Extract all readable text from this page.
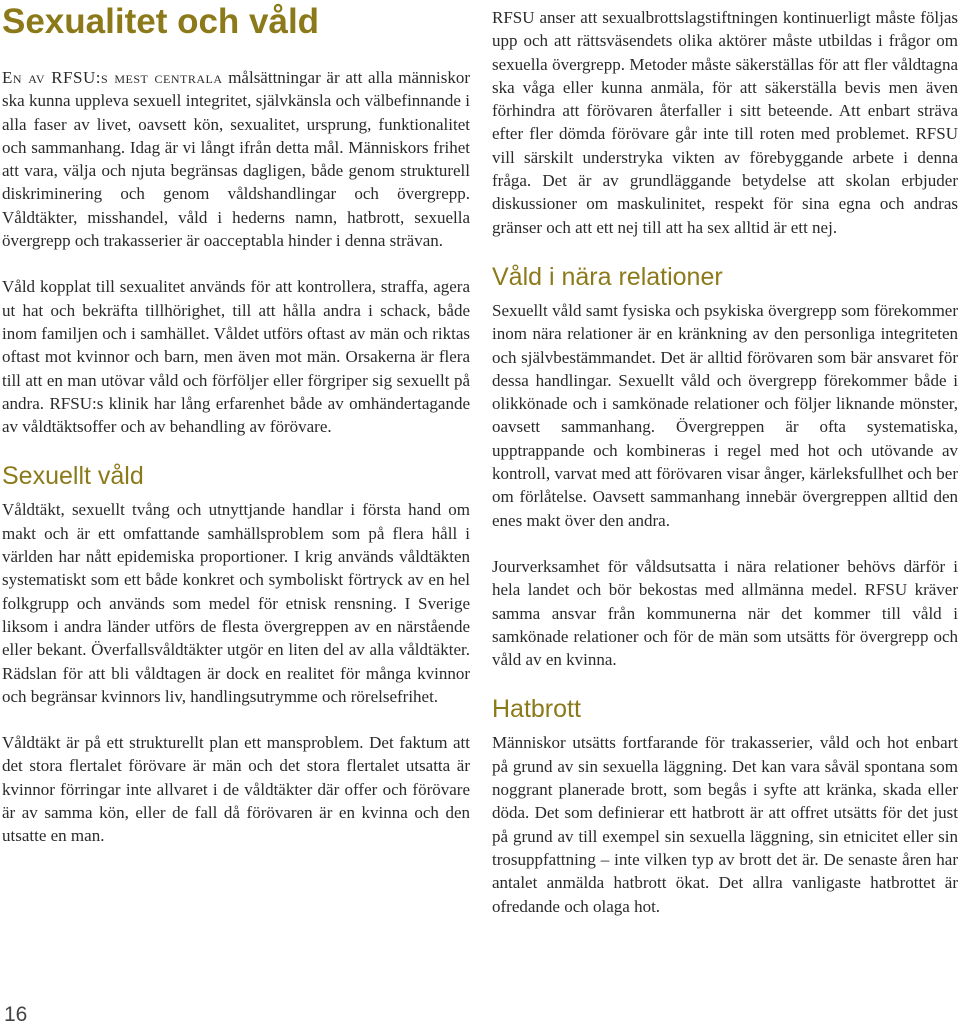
Sexualitet och våld

En av RFSU:s mest centrala målsättningar är att alla människor ska kunna uppleva sexuell integritet, självkänsla och välbefinnande i alla faser av livet, oavsett kön, sexualitet, ursprung, funktionalitet och sammanhang. Idag är vi långt ifrån detta mål. Människors frihet att vara, välja och njuta begränsas dagligen, både genom strukturell diskriminering och genom våldshandlingar och övergrepp. Våldtäkter, misshandel, våld i hederns namn, hatbrott, sexuella övergrepp och trakasserier är oacceptabla hinder i denna strävan.

Våld kopplat till sexualitet används för att kontrollera, straffa, agera ut hat och bekräfta tillhörighet, till att hålla andra i schack, både inom familjen och i samhället. Våldet utförs oftast av män och riktas oftast mot kvinnor och barn, men även mot män. Orsakerna är flera till att en man utövar våld och förföljer eller förgriper sig sexuellt på andra. RFSU:s klinik har lång erfarenhet både av omhändertagande av våldtäktsoffer och av behandling av förövare.

Sexuellt våld

Våldtäkt, sexuellt tvång och utnyttjande handlar i första hand om makt och är ett omfattande samhällsproblem som på flera håll i världen har nått epidemiska proportioner. I krig används våldtäkten systematiskt som ett både konkret och symboliskt förtryck av en hel folkgrupp och används som medel för etnisk rensning. I Sverige liksom i andra länder utförs de flesta övergreppen av en närstående eller bekant. Överfallsvåldtäkter utgör en liten del av alla våldtäkter. Rädslan för att bli våldtagen är dock en realitet för många kvinnor och begränsar kvinnors liv, handlingsutrymme och rörelsefrihet.

Våldtäkt är på ett strukturellt plan ett mansproblem. Det faktum att det stora flertalet förövare är män och det stora flertalet utsatta är kvinnor förringar inte allvaret i de våldtäkter där offer och förövare är av samma kön, eller de fall då förövaren är en kvinna och den utsatte en man.

RFSU anser att sexualbrottslagstiftningen kontinuerligt måste följas upp och att rättsväsendets olika aktörer måste utbildas i frågor om sexuella övergrepp. Metoder måste säkerställas för att fler våldtagna ska våga eller kunna anmäla, för att säkerställa bevis men även förhindra att förövaren återfaller i sitt beteende. Att enbart sträva efter fler dömda förövare går inte till roten med problemet. RFSU vill särskilt understryka vikten av förebyggande arbete i denna fråga. Det är av grundläggande betydelse att skolan erbjuder diskussioner om maskulinitet, respekt för sina egna och andras gränser och att ett nej till att ha sex alltid är ett nej.

Våld i nära relationer

Sexuellt våld samt fysiska och psykiska övergrepp som förekommer inom nära relationer är en kränkning av den personliga integriteten och självbestämmandet. Det är alltid förövaren som bär ansvaret för dessa handlingar. Sexuellt våld och övergrepp förekommer både i olikkönade och i samkönade relationer och följer liknande mönster, oavsett sammanhang. Övergreppen är ofta systematiska, upptrappande och kombineras i regel med hot och utövande av kontroll, varvat med att förövaren visar ånger, kärleksfullhet och ber om förlåtelse. Oavsett sammanhang innebär övergreppen alltid den enes makt över den andra.

Jourverksamhet för våldsutsatta i nära relationer behövs därför i hela landet och bör bekostas med allmänna medel. RFSU kräver samma ansvar från kommunerna när det kommer till våld i samkönade relationer och för de män som utsätts för övergrepp och våld av en kvinna.

Hatbrott

Människor utsätts fortfarande för trakasserier, våld och hot enbart på grund av sin sexuella läggning. Det kan vara såväl spontana som noggrant planerade brott, som begås i syfte att kränka, skada eller döda. Det som definierar ett hatbrott är att offret utsätts för det just på grund av till exempel sin sexuella läggning, sin etnicitet eller sin trosuppfattning – inte vilken typ av brott det är. De senaste åren har antalet anmälda hatbrott ökat. Det allra vanligaste hatbrottet är ofredande och olaga hot.

16
